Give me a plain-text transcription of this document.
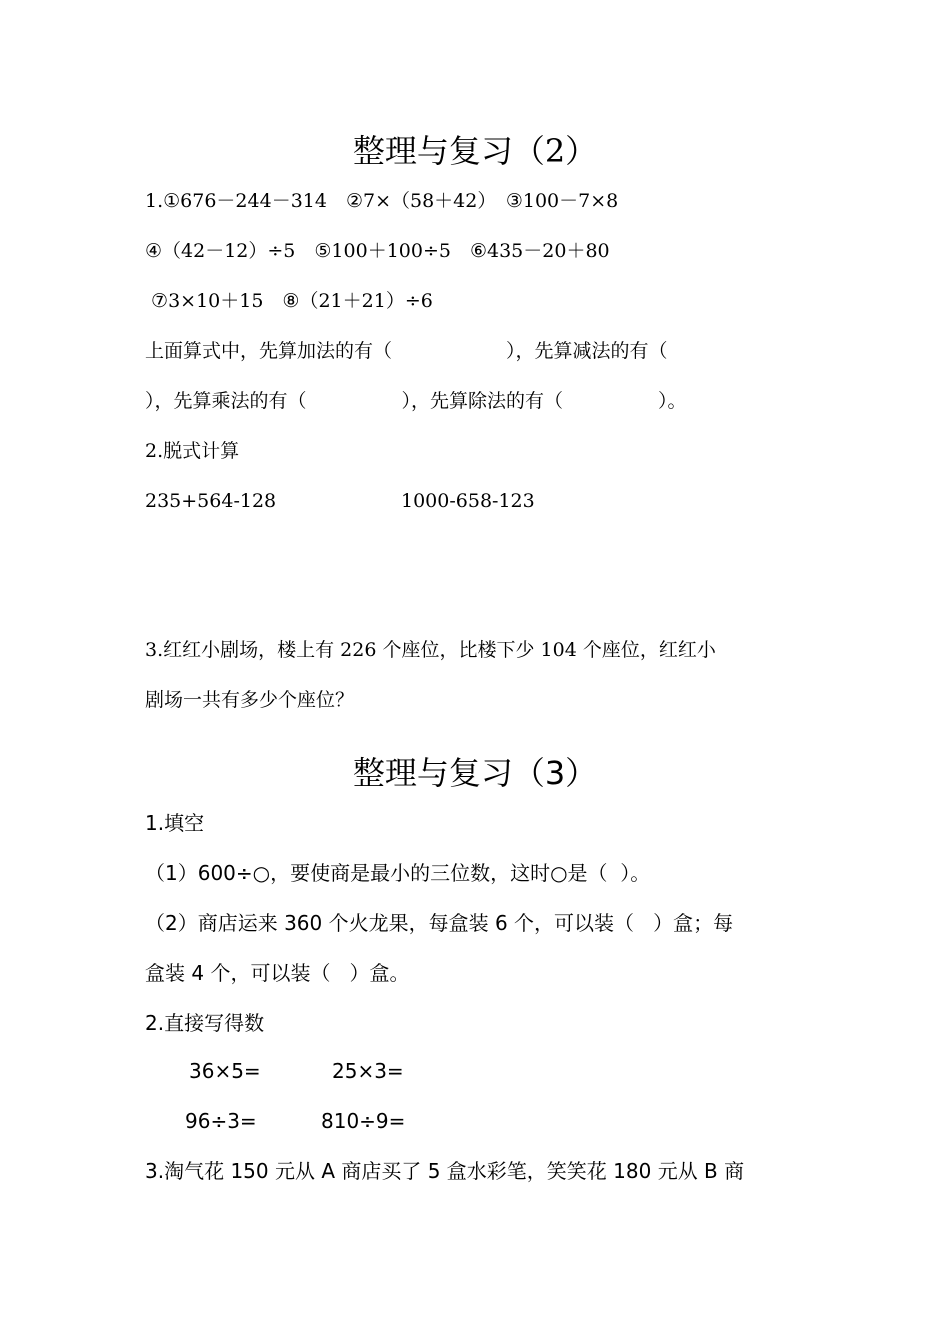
整理与复习（2）
1.①676－244－314　②7×（58＋42）　③100－7×8
④（42－12）÷5　⑤100＋100÷5　⑥435－20＋80
⑦3×10＋15　⑧（21＋21）÷6
上面算式中，先算加法的有（　　　　　　），先算减法的有（
），先算乘法的有（　　　　　），先算除法的有（　　　　　）。
2.脱式计算
235+564-128	1000-658-123
3.红红小剧场，楼上有 226 个座位，比楼下少 104 个座位，红红小
剧场一共有多少个座位？
整理与复习（3）
1.填空
（1）600÷○，要使商是最小的三位数，这时○是（  ）。
（2）商店运来 360 个火龙果，每盒装 6 个，可以装（   ）盒；每
盒装 4 个，可以装（   ）盒。
2.直接写得数
36×5=	25×3=
96÷3=	810÷9=
3.淘气花 150 元从 A 商店买了 5 盒水彩笔，笑笑花 180 元从 B 商
